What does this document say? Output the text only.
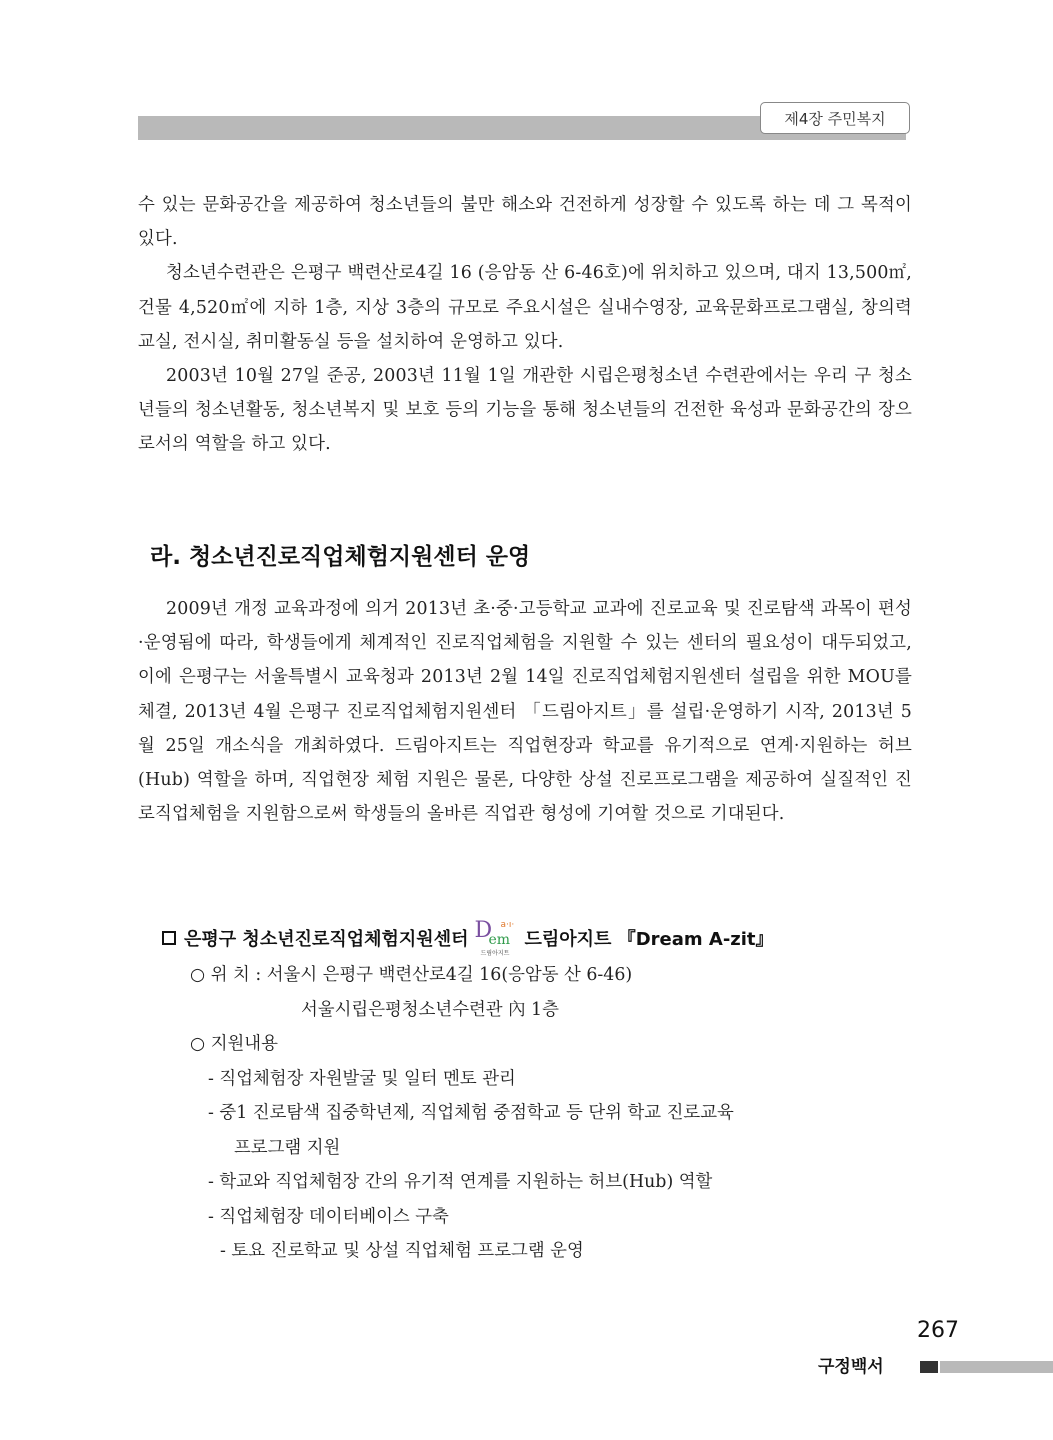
제4장 주민복지

수 있는 문화공간을 제공하여 청소년들의 불만 해소와 건전하게 성장할 수 있도록 하는 데 그 목적이 있다.

청소년수련관은 은평구 백련산로4길 16 (응암동 산 6-46호)에 위치하고 있으며, 대지 13,500㎡, 건물 4,520㎡에 지하 1층, 지상 3층의 규모로 주요시설은 실내수영장, 교육문화프로그램실, 창의력교실, 전시실, 취미활동실 등을 설치하여 운영하고 있다.

2003년 10월 27일 준공, 2003년 11월 1일 개관한 시립은평청소년 수련관에서는 우리 구 청소년들의 청소년활동, 청소년복지 및 보호 등의 기능을 통해 청소년들의 건전한 육성과 문화공간의 장으로서의 역할을 하고 있다.

라. 청소년진로직업체험지원센터 운영

2009년 개정 교육과정에 의거 2013년 초·중·고등학교 교과에 진로교육 및 진로탐색 과목이 편성·운영됨에 따라, 학생들에게 체계적인 진로직업체험을 지원할 수 있는 센터의 필요성이 대두되었고, 이에 은평구는 서울특별시 교육청과 2013년 2월 14일 진로직업체험지원센터 설립을 위한 MOU를 체결, 2013년 4월 은평구 진로직업체험지원센터 「드림아지트」를 설립·운영하기 시작, 2013년 5월 25일 개소식을 개최하였다. 드림아지트는 직업현장과 학교를 유기적으로 연계·지원하는 허브(Hub) 역할을 하며, 직업현장 체험 지원은 물론, 다양한 상설 진로프로그램을 제공하여 실질적인 진로직업체험을 지원함으로써 학생들의 올바른 직업관 형성에 기여할 것으로 기대된다.

은평구 청소년진로직업체험지원센터 D
em
a·ı·
드림아지트
드림아지트 『Dream A-zit』
○ 위 치 : 서울시 은평구 백련산로4길 16(응암동 산 6-46)
서울시립은평청소년수련관 內 1층
○ 지원내용
- 직업체험장 자원발굴 및 일터 멘토 관리
- 중1 진로탐색 집중학년제, 직업체험 중점학교 등 단위 학교 진로교육
프로그램 지원
- 학교와 직업체험장 간의 유기적 연계를 지원하는 허브(Hub) 역할
- 직업체험장 데이터베이스 구축
- 토요 진로학교 및 상설 직업체험 프로그램 운영
267
구정백서
